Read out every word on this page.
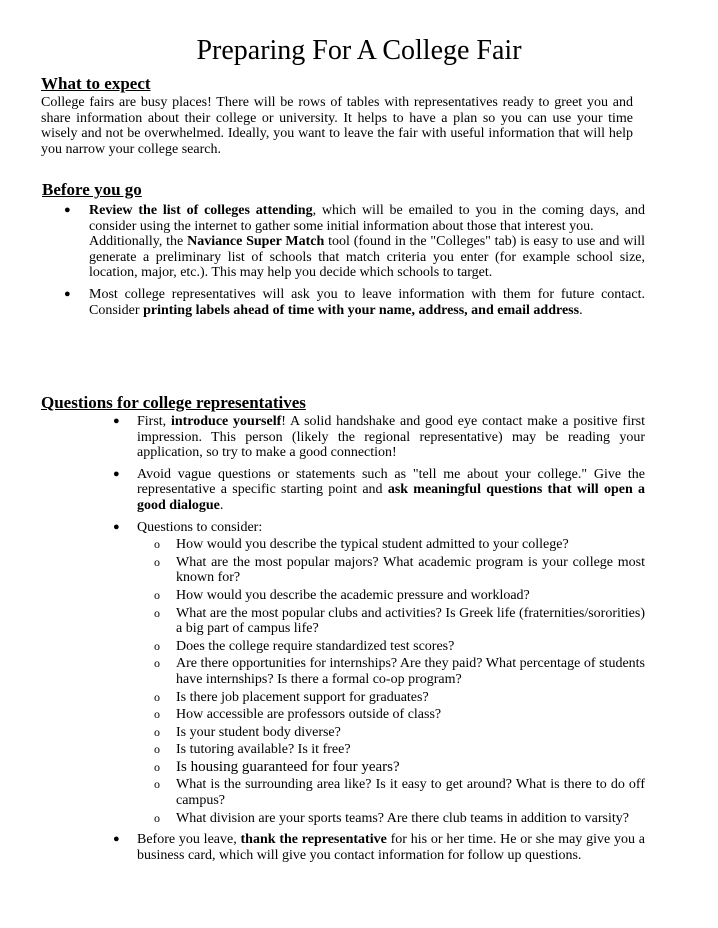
Preparing For A College Fair
What to expect

College fairs are busy places! There will be rows of tables with representatives ready to greet you and share information about their college or university. It helps to have a plan so you can use your time wisely and not be overwhelmed. Ideally, you want to leave the fair with useful information that will help you narrow your college search.

Before you go
● Review the list of colleges attending, which will be emailed to you in the coming days, and consider using the internet to gather some initial information about those that interest you.
Additionally, the Naviance Super Match tool (found in the "Colleges" tab) is easy to use and will generate a preliminary list of schools that match criteria you enter (for example school size, location, major, etc.). This may help you decide which schools to target.
● Most college representatives will ask you to leave information with them for future contact. Consider printing labels ahead of time with your name, address, and email address.
Questions for college representatives
● First, introduce yourself! A solid handshake and good eye contact make a positive first impression. This person (likely the regional representative) may be reading your application, so try to make a good connection!
● Avoid vague questions or statements such as "tell me about your college." Give the representative a specific starting point and ask meaningful questions that will open a good dialogue.
● Questions to consider:
o How would you describe the typical student admitted to your college?
o What are the most popular majors? What academic program is your college most known for?
o How would you describe the academic pressure and workload?
o What are the most popular clubs and activities? Is Greek life (fraternities/sororities) a big part of campus life?
o Does the college require standardized test scores?
o Are there opportunities for internships? Are they paid? What percentage of students have internships? Is there a formal co-op program?
o Is there job placement support for graduates?
o How accessible are professors outside of class?
o Is your student body diverse?
o Is tutoring available? Is it free?
o Is housing guaranteed for four years?
o What is the surrounding area like? Is it easy to get around? What is there to do off campus?
o What division are your sports teams? Are there club teams in addition to varsity?
● Before you leave, thank the representative for his or her time. He or she may give you a business card, which will give you contact information for follow up questions.
